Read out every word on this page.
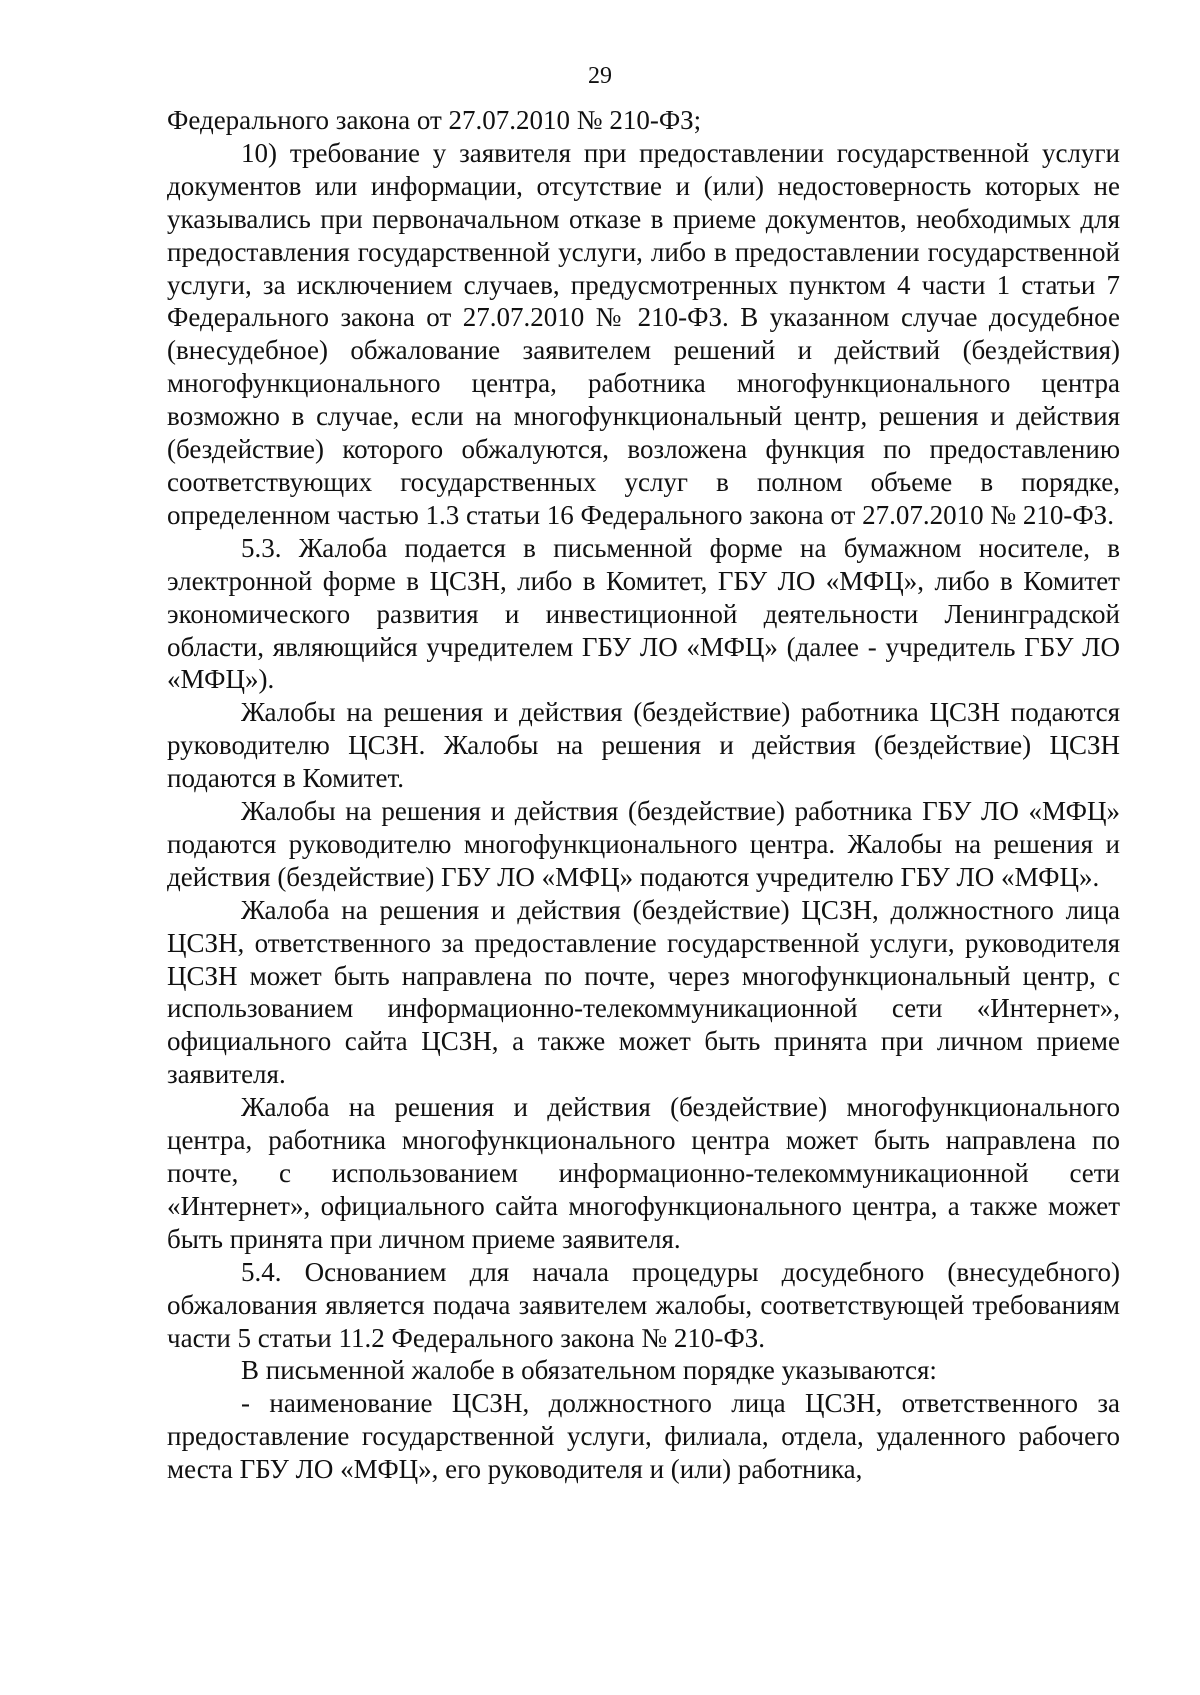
29

Федерального закона от 27.07.2010 № 210-ФЗ;

10) требование у заявителя при предоставлении государственной услуги документов или информации, отсутствие и (или) недостоверность которых не указывались при первоначальном отказе в приеме документов, необходимых для предоставления государственной услуги, либо в предоставлении государственной услуги, за исключением случаев, предусмотренных пунктом 4 части 1 статьи 7 Федерального закона от 27.07.2010 № 210-ФЗ. В указанном случае досудебное (внесудебное) обжалование заявителем решений и действий (бездействия) многофункционального центра, работника многофункционального центра возможно в случае, если на многофункциональный центр, решения и действия (бездействие) которого обжалуются, возложена функция по предоставлению соответствующих государственных услуг в полном объеме в порядке, определенном частью 1.3 статьи 16 Федерального закона от 27.07.2010 № 210-ФЗ.

5.3. Жалоба подается в письменной форме на бумажном носителе, в электронной форме в ЦСЗН, либо в Комитет, ГБУ ЛО «МФЦ», либо в Комитет экономического развития и инвестиционной деятельности Ленинградской области, являющийся учредителем ГБУ ЛО «МФЦ» (далее - учредитель ГБУ ЛО «МФЦ»).

Жалобы на решения и действия (бездействие) работника ЦСЗН подаются руководителю ЦСЗН. Жалобы на решения и действия (бездействие) ЦСЗН подаются в Комитет.

Жалобы на решения и действия (бездействие) работника ГБУ ЛО «МФЦ» подаются руководителю многофункционального центра. Жалобы на решения и действия (бездействие) ГБУ ЛО «МФЦ» подаются учредителю ГБУ ЛО «МФЦ».

Жалоба на решения и действия (бездействие) ЦСЗН, должностного лица ЦСЗН, ответственного за предоставление государственной услуги, руководителя ЦСЗН может быть направлена по почте, через многофункциональный центр, с использованием информационно-телекоммуникационной сети «Интернет», официального сайта ЦСЗН, а также может быть принята при личном приеме заявителя.

Жалоба на решения и действия (бездействие) многофункционального центра, работника многофункционального центра может быть направлена по почте, с использованием информационно-телекоммуникационной сети «Интернет», официального сайта многофункционального центра, а также может быть принята при личном приеме заявителя.

5.4. Основанием для начала процедуры досудебного (внесудебного) обжалования является подача заявителем жалобы, соответствующей требованиям части 5 статьи 11.2 Федерального закона № 210-ФЗ.

В письменной жалобе в обязательном порядке указываются:

- наименование ЦСЗН, должностного лица ЦСЗН, ответственного за предоставление государственной услуги, филиала, отдела, удаленного рабочего места ГБУ ЛО «МФЦ», его руководителя и (или) работника,
